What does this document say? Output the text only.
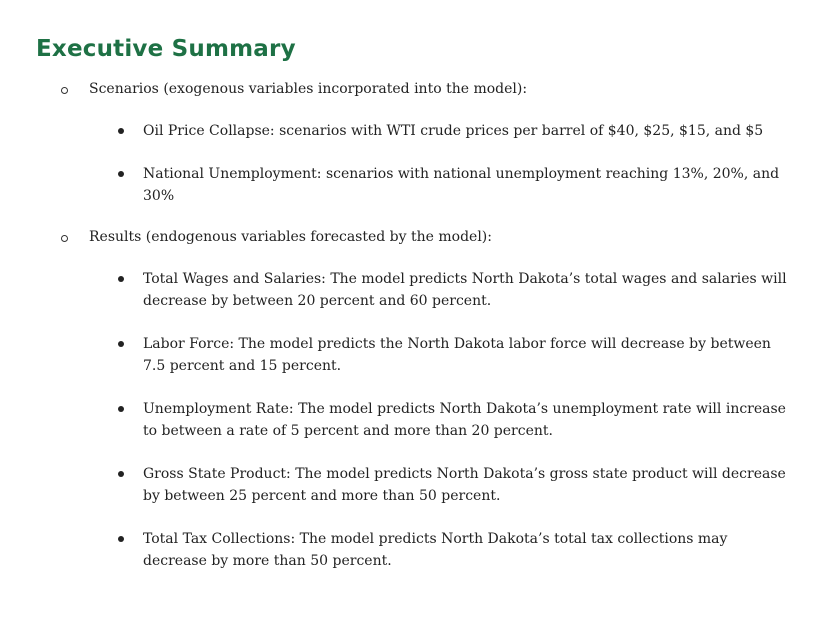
Executive Summary
Scenarios (exogenous variables incorporated into the model):
Oil Price Collapse: scenarios with WTI crude prices per barrel of $40, $25, $15, and $5
National Unemployment: scenarios with national unemployment reaching 13%, 20%, and 30%
Results (endogenous variables forecasted by the model):
Total Wages and Salaries: The model predicts North Dakota’s total wages and salaries will decrease by between 20 percent and 60 percent.
Labor Force: The model predicts the North Dakota labor force will decrease by between 7.5 percent and 15 percent.
Unemployment Rate: The model predicts North Dakota’s unemployment rate will increase to between a rate of 5 percent and more than 20 percent.
Gross State Product: The model predicts North Dakota’s gross state product will decrease by between 25 percent and more than 50 percent.
Total Tax Collections: The model predicts North Dakota’s total tax collections may decrease by more than 50 percent.
